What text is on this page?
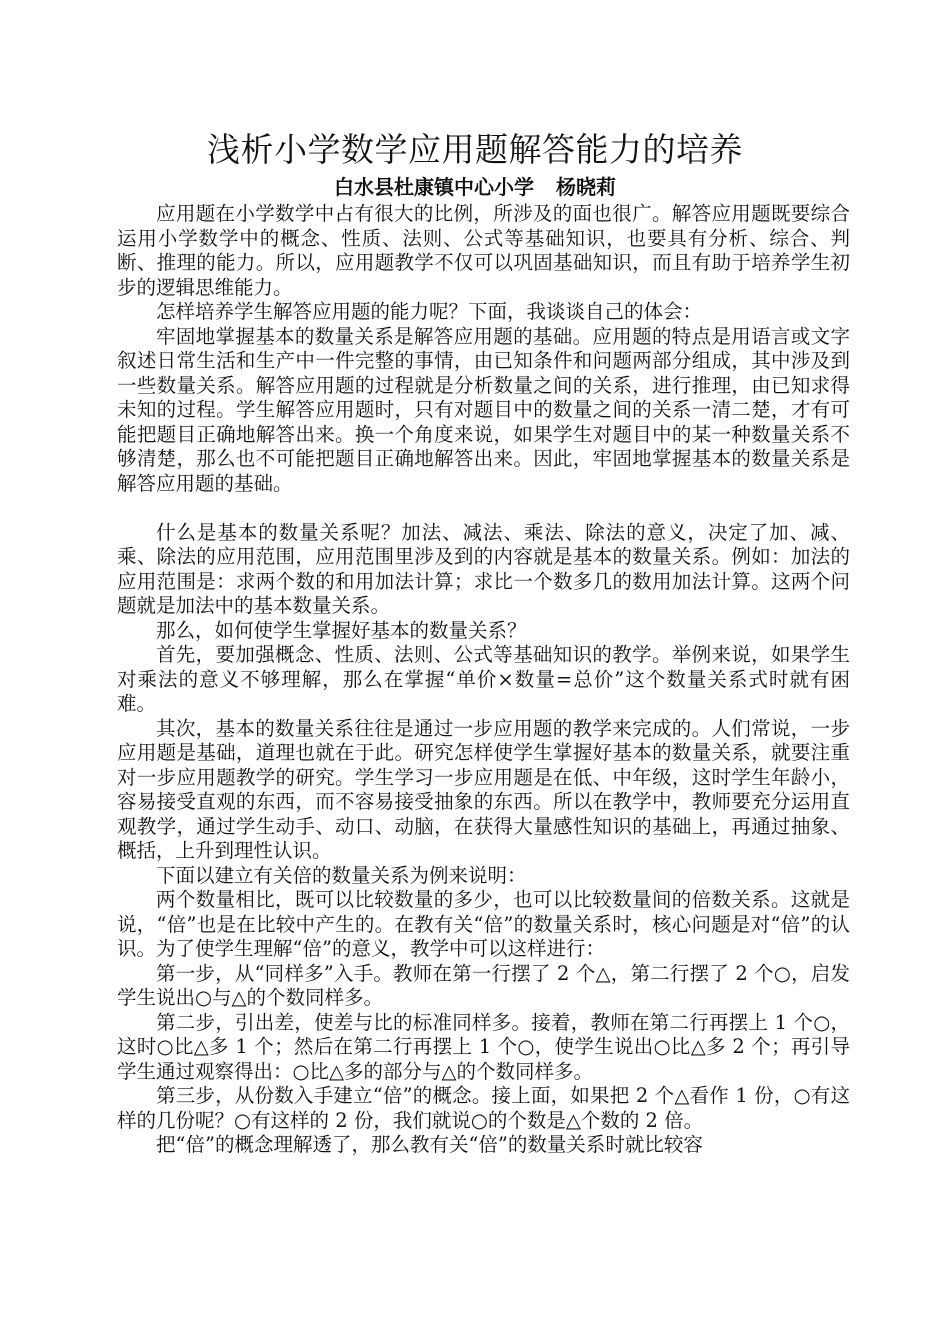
浅析小学数学应用题解答能力的培养
白水县杜康镇中心小学 杨晓莉

应用题在小学数学中占有很大的比例，所涉及的面也很广。解答应用题既要综合运用小学数学中的概念、性质、法则、公式等基础知识，也要具有分析、综合、判断、推理的能力。所以，应用题教学不仅可以巩固基础知识，而且有助于培养学生初步的逻辑思维能力。

怎样培养学生解答应用题的能力呢？下面，我谈谈自己的体会：

牢固地掌握基本的数量关系是解答应用题的基础。应用题的特点是用语言或文字叙述日常生活和生产中一件完整的事情，由已知条件和问题两部分组成，其中涉及到一些数量关系。解答应用题的过程就是分析数量之间的关系，进行推理，由已知求得未知的过程。学生解答应用题时，只有对题目中的数量之间的关系一清二楚，才有可能把题目正确地解答出来。换一个角度来说，如果学生对题目中的某一种数量关系不够清楚，那么也不可能把题目正确地解答出来。因此，牢固地掌握基本的数量关系是解答应用题的基础。

什么是基本的数量关系呢？加法、减法、乘法、除法的意义，决定了加、减、乘、除法的应用范围，应用范围里涉及到的内容就是基本的数量关系。例如：加法的应用范围是：求两个数的和用加法计算；求比一个数多几的数用加法计算。这两个问题就是加法中的基本数量关系。

那么，如何使学生掌握好基本的数量关系？

首先，要加强概念、性质、法则、公式等基础知识的教学。举例来说，如果学生对乘法的意义不够理解，那么在掌握“单价×数量=总价”这个数量关系式时就有困难。

其次，基本的数量关系往往是通过一步应用题的教学来完成的。人们常说，一步应用题是基础，道理也就在于此。研究怎样使学生掌握好基本的数量关系，就要注重对一步应用题教学的研究。学生学习一步应用题是在低、中年级，这时学生年龄小，容易接受直观的东西，而不容易接受抽象的东西。所以在教学中，教师要充分运用直观教学，通过学生动手、动口、动脑，在获得大量感性知识的基础上，再通过抽象、概括，上升到理性认识。

下面以建立有关倍的数量关系为例来说明：

两个数量相比，既可以比较数量的多少，也可以比较数量间的倍数关系。这就是说，“倍”也是在比较中产生的。在教有关“倍”的数量关系时，核心问题是对“倍”的认识。为了使学生理解“倍”的意义，教学中可以这样进行：

第一步，从“同样多”入手。教师在第一行摆了 2 个△，第二行摆了 2 个○，启发学生说出○与△的个数同样多。

第二步，引出差，使差与比的标准同样多。接着，教师在第二行再摆上 1 个○，这时○比△多 1 个；然后在第二行再摆上 1 个○，使学生说出○比△多 2 个；再引导学生通过观察得出：○比△多的部分与△的个数同样多。

第三步，从份数入手建立“倍”的概念。接上面，如果把 2 个△看作 1 份，○有这样的几份呢？○有这样的 2 份，我们就说○的个数是△个数的 2 倍。

把“倍”的概念理解透了，那么教有关“倍”的数量关系时就比较容
